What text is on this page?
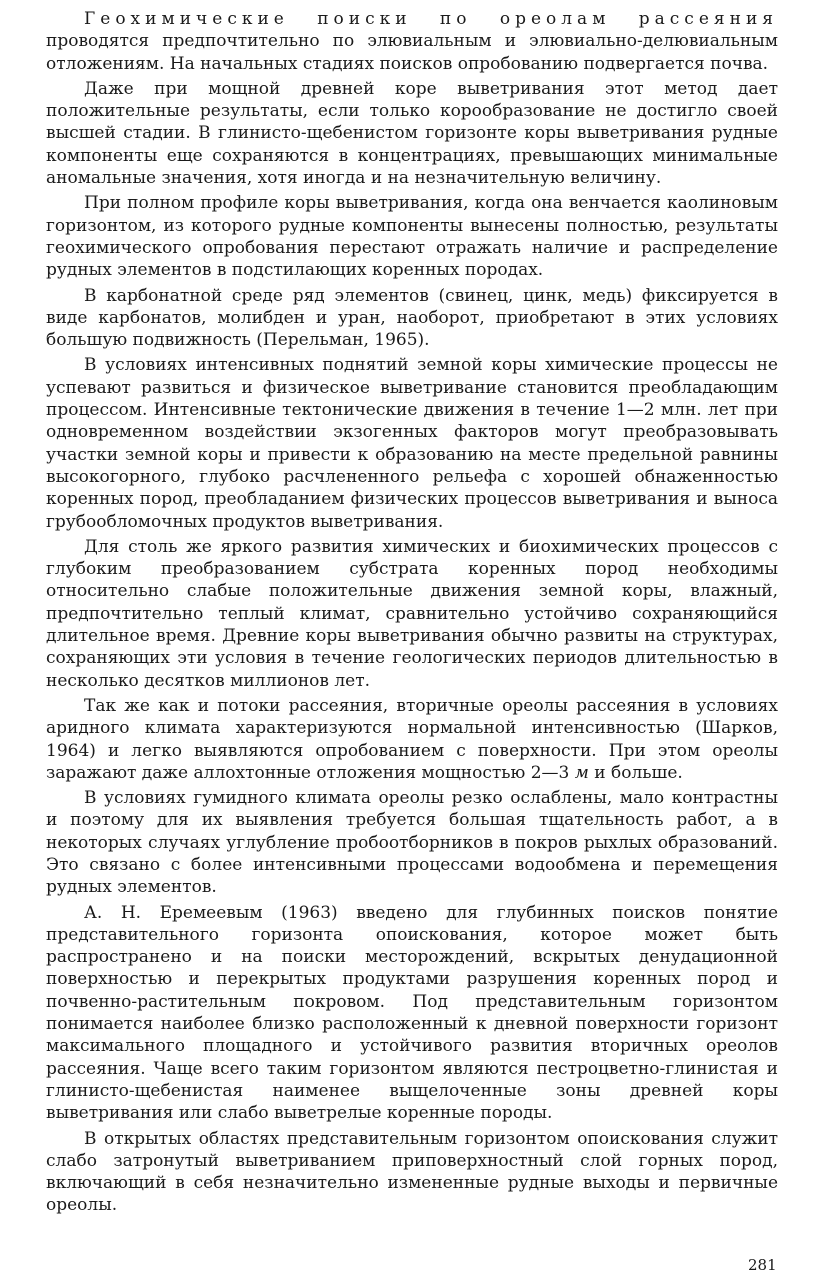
Геохимические поиски по ореолам рассеяния проводятся предпочтительно по элювиальным и элювиально-делювиальным отложениям. На начальных стадиях поисков опробованию подвергается почва.

Даже при мощной древней коре выветривания этот метод дает положительные результаты, если только корообразование не достигло своей высшей стадии. В глинисто-щебенистом горизонте коры выветривания рудные компоненты еще сохраняются в концентрациях, превышающих минимальные аномальные значения, хотя иногда и на незначительную величину.

При полном профиле коры выветривания, когда она венчается каолиновым горизонтом, из которого рудные компоненты вынесены полностью, результаты геохимического опробования перестают отражать наличие и распределение рудных элементов в подстилающих коренных породах.

В карбонатной среде ряд элементов (свинец, цинк, медь) фиксируется в виде карбонатов, молибден и уран, наоборот, приобретают в этих условиях большую подвижность (Перельман, 1965).

В условиях интенсивных поднятий земной коры химические процессы не успевают развиться и физическое выветривание становится преобладающим процессом. Интенсивные тектонические движения в течение 1—2 млн. лет при одновременном воздействии экзогенных факторов могут преобразовывать участки земной коры и привести к образованию на месте предельной равнины высокогорного, глубоко расчлененного рельефа с хорошей обнаженностью коренных пород, преобладанием физических процессов выветривания и выноса грубообломочных продуктов выветривания.

Для столь же яркого развития химических и биохимических процессов с глубоким преобразованием субстрата коренных пород необходимы относительно слабые положительные движения земной коры, влажный, предпочтительно теплый климат, сравнительно устойчиво сохраняющийся длительное время. Древние коры выветривания обычно развиты на структурах, сохраняющих эти условия в течение геологических периодов длительностью в несколько десятков миллионов лет.

Так же как и потоки рассеяния, вторичные ореолы рассеяния в условиях аридного климата характеризуются нормальной интенсивностью (Шарков, 1964) и легко выявляются опробованием с поверхности. При этом ореолы заражают даже аллохтонные отложения мощностью 2—3 м и больше.

В условиях гумидного климата ореолы резко ослаблены, мало контрастны и поэтому для их выявления требуется большая тщательность работ, а в некоторых случаях углубление пробоотборников в покров рыхлых образований. Это связано с более интенсивными процессами водообмена и перемещения рудных элементов.

А. Н. Еремеевым (1963) введено для глубинных поисков понятие представительного горизонта опоискования, которое может быть распространено и на поиски месторождений, вскрытых денудационной поверхностью и перекрытых продуктами разрушения коренных пород и почвенно-растительным покровом. Под представительным горизонтом понимается наиболее близко расположенный к дневной поверхности горизонт максимального площадного и устойчивого развития вторичных ореолов рассеяния. Чаще всего таким горизонтом являются пестроцветно-глинистая и глинисто-щебенистая наименее выщелоченные зоны древней коры выветривания или слабо выветрелые коренные породы.

В открытых областях представительным горизонтом опоискования служит слабо затронутый выветриванием приповерхностный слой горных пород, включающий в себя незначительно измененные рудные выходы и первичные ореолы.

281
